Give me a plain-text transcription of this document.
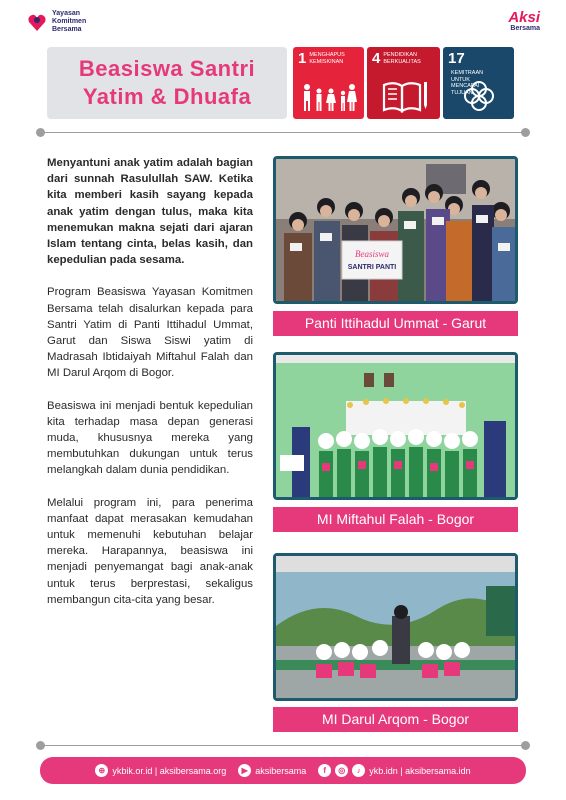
Yayasan
Komitmen
Bersama
Aksi
Bersama
Beasiswa Santri
Yatim & Dhuafa
1 MENGHAPUS KEMISKINAN	4 PENDIDIKAN BERKUALITAS	17KEMITRAAN UNTUK MENCAPAI TUJUAN

Menyantuni anak yatim adalah bagian dari sunnah Rasulullah SAW. Ketika kita memberi kasih sayang kepada anak yatim dengan tulus, maka kita menemukan makna sejati dari ajaran Islam tentang cinta, belas kasih, dan kepedulian pada sesama.

Program Beasiswa Yayasan Komitmen Bersama telah disalurkan kepada para Santri Yatim di Panti Ittihadul Ummat, Garut dan Siswa Siswi yatim di Madrasah Ibtidaiyah Miftahul Falah dan MI Darul Arqom di Bogor.

Beasiswa ini menjadi bentuk kepedulian kita terhadap masa depan generasi muda, khususnya mereka yang membutuhkan dukungan untuk terus melangkah dalam dunia pendidikan.

Melalui program ini, para penerima manfaat dapat merasakan kemudahan untuk memenuhi kebutuhan belajar mereka. Harapannya, beasiswa ini menjadi penyemangat bagi anak-anak untuk terus berprestasi, sekaligus membangun cita-cita yang besar.

Beasiswa
SANTRI PANTI
Panti Ittihadul Ummat - Garut
MI Miftahul Falah - Bogor
MI Darul Arqom - Bogor
⊕ ykbik.or.id | aksibersama.org	▶ aksibersama	f	◎	♪ ykb.idn | aksibersama.idn
